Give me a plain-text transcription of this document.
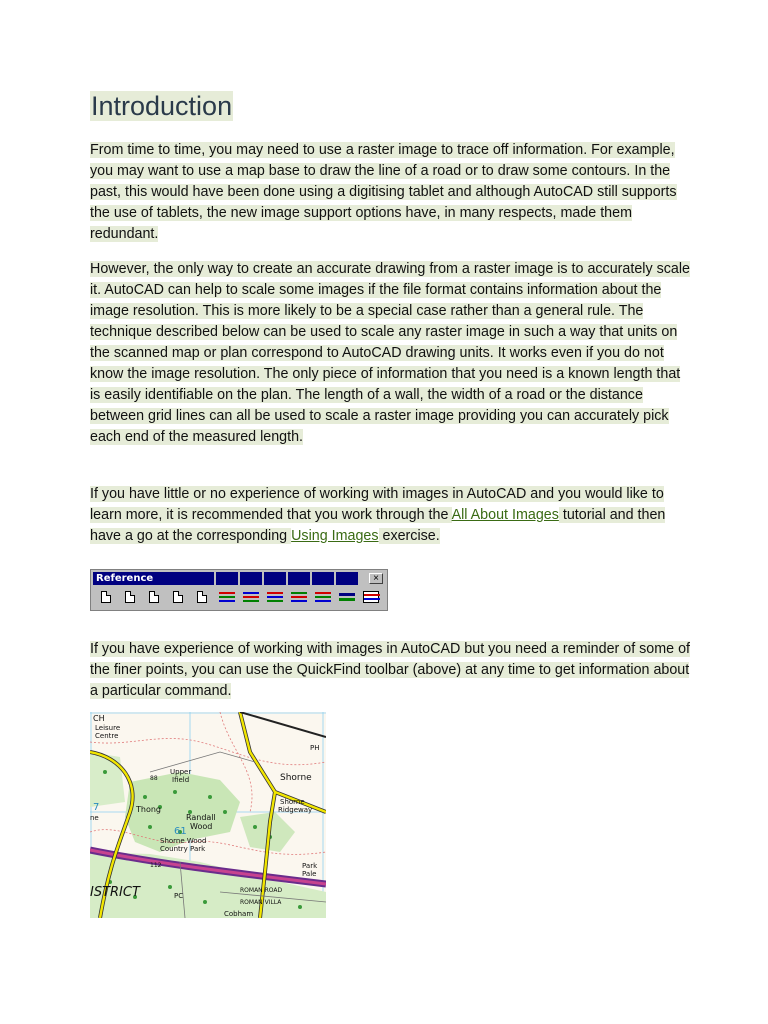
Introduction

From time to time, you may need to use a raster image to trace off information. For example, you may want to use a map base to draw the line of a road or to draw some contours. In the past, this would have been done using a digitising tablet and although AutoCAD still supports the use of tablets, the new image support options have, in many respects, made them redundant.

However, the only way to create an accurate drawing from a raster image is to accurately scale it. AutoCAD can help to scale some images if the file format contains information about the image resolution. This is more likely to be a special case rather than a general rule. The technique described below can be used to scale any raster image in such a way that units on the scanned map or plan correspond to AutoCAD drawing units. It works even if you do not know the image resolution. The only piece of information that you need is a known length that is easily identifiable on the plan. The length of a wall, the width of a road or the distance between grid lines can all be used to scale a raster image providing you can accurately pick each end of the measured length.

If you have little or no experience of working with images in AutoCAD and you would like to learn more, it is recommended that you work through the All About Images tutorial and then have a go at the corresponding Using Images exercise.

Reference	×

If you have experience of working with images in AutoCAD but you need a reminder of some of the finer points, you can use the QuickFind toolbar (above) at any time to get information about a particular command.

CH
Leisure
Centre
Upper
Ifield	Shorne
Shorne
Ridgeway
Thong
Randall
Wood
Shorne Wood
Country Park
Park
Pale
ISTRICT	ROMAN ROAD
ROMAN VILLA
Cobham
PH
ne
7
88
61
112
PC
